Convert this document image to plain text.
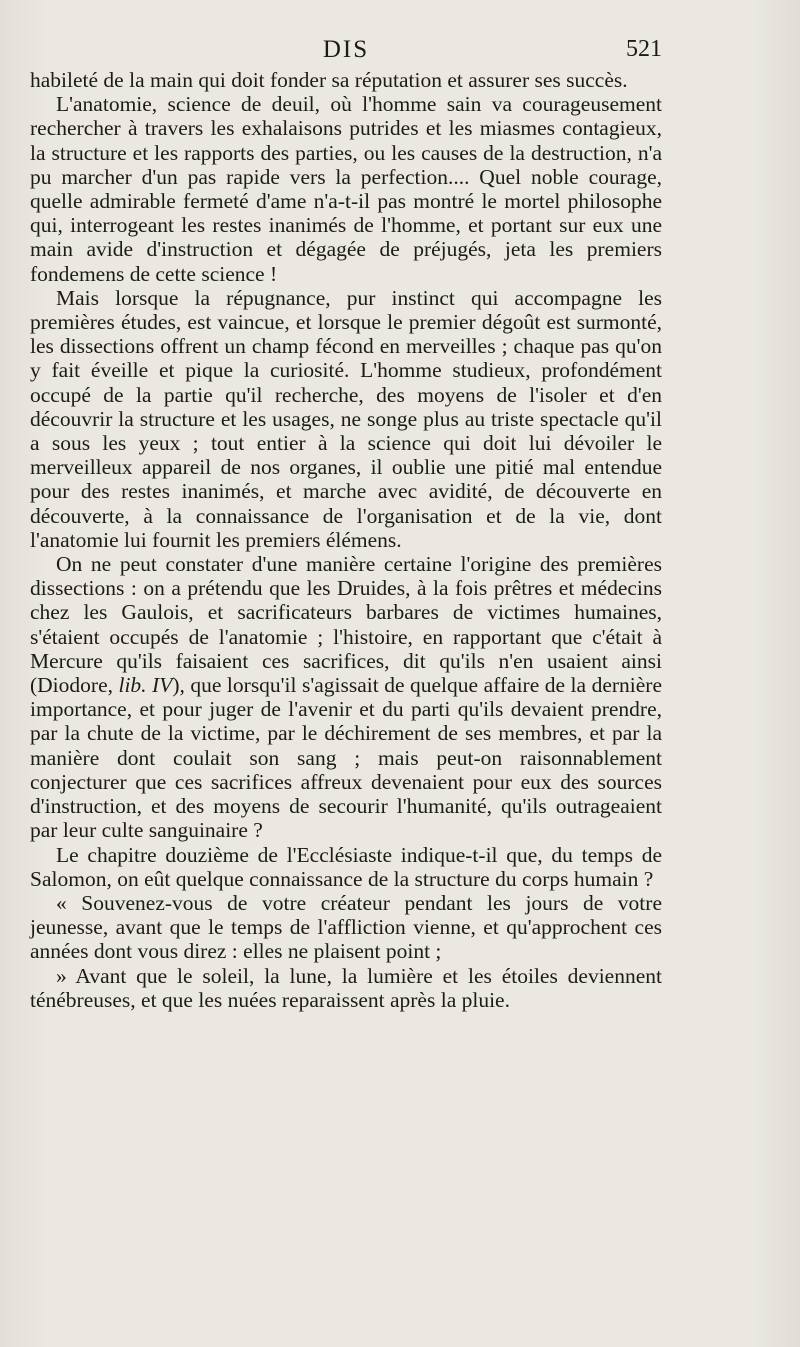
DIS	521

habileté de la main qui doit fonder sa réputation et assurer ses succès.

L'anatomie, science de deuil, où l'homme sain va courageusement rechercher à travers les exhalaisons putrides et les miasmes contagieux, la structure et les rapports des parties, ou les causes de la destruction, n'a pu marcher d'un pas rapide vers la perfection.... Quel noble courage, quelle admirable fermeté d'ame n'a-t-il pas montré le mortel philosophe qui, interrogeant les restes inanimés de l'homme, et portant sur eux une main avide d'instruction et dégagée de préjugés, jeta les premiers fondemens de cette science !

Mais lorsque la répugnance, pur instinct qui accompagne les premières études, est vaincue, et lorsque le premier dégoût est surmonté, les dissections offrent un champ fécond en merveilles ; chaque pas qu'on y fait éveille et pique la curiosité. L'homme studieux, profondément occupé de la partie qu'il recherche, des moyens de l'isoler et d'en découvrir la structure et les usages, ne songe plus au triste spectacle qu'il a sous les yeux ; tout entier à la science qui doit lui dévoiler le merveilleux appareil de nos organes, il oublie une pitié mal entendue pour des restes inanimés, et marche avec avidité, de découverte en découverte, à la connaissance de l'organisation et de la vie, dont l'anatomie lui fournit les premiers élémens.

On ne peut constater d'une manière certaine l'origine des premières dissections : on a prétendu que les Druides, à la fois prêtres et médecins chez les Gaulois, et sacrificateurs barbares de victimes humaines, s'étaient occupés de l'anatomie ; l'histoire, en rapportant que c'était à Mercure qu'ils faisaient ces sacrifices, dit qu'ils n'en usaient ainsi (Diodore, lib. IV), que lorsqu'il s'agissait de quelque affaire de la dernière importance, et pour juger de l'avenir et du parti qu'ils devaient prendre, par la chute de la victime, par le déchirement de ses membres, et par la manière dont coulait son sang ; mais peut-on raisonnablement conjecturer que ces sacrifices affreux devenaient pour eux des sources d'instruction, et des moyens de secourir l'humanité, qu'ils outrageaient par leur culte sanguinaire ?

Le chapitre douzième de l'Ecclésiaste indique-t-il que, du temps de Salomon, on eût quelque connaissance de la structure du corps humain ?

« Souvenez-vous de votre créateur pendant les jours de votre jeunesse, avant que le temps de l'affliction vienne, et qu'approchent ces années dont vous direz : elles ne plaisent point ;

» Avant que le soleil, la lune, la lumière et les étoiles deviennent ténébreuses, et que les nuées reparaissent après la pluie.
